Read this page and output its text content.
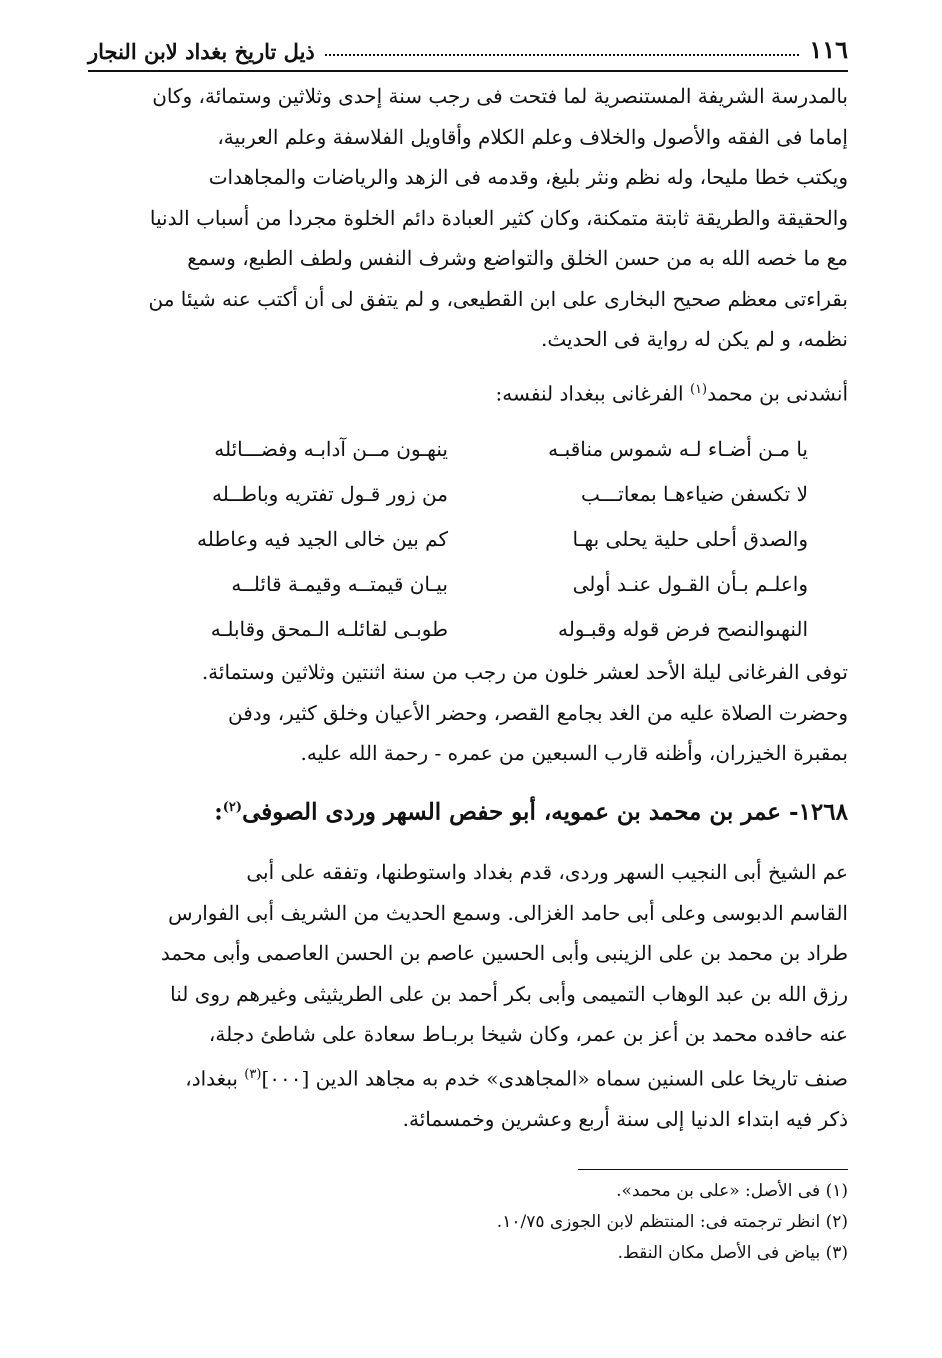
١١٦
ذيل تاريخ بغداد لابن النجار

بالمدرسة الشريفة المستنصرية لما فتحت فى رجب سنة إحدى وثلاثين وستمائة، وكان

إماما فى الفقه والأصول والخلاف وعلم الكلام وأقاويل الفلاسفة وعلم العربية،

ويكتب خطا مليحا، وله نظم ونثر بليغ، وقدمه فى الزهد والرياضات والمجاهدات

والحقيقة والطريقة ثابتة متمكنة، وكان كثير العبادة دائم الخلوة مجردا من أسباب الدنيا

مع ما خصه الله به من حسن الخلق والتواضع وشرف النفس ولطف الطبع، وسمع

بقراءتى معظم صحيح البخارى على ابن القطيعى، و لم يتفق لى أن أكتب عنه شيئا من

نظمه، و لم يكن له رواية فى الحديث.

أنشدنى بن محمد$^{(١)}$ الفرغانى ببغداد لنفسه:
يا مـن أضـاء لـه شموس مناقبـه
ينهـون مــن آدابـه وفضـــائله
لا تكسفن ضياءهـا بمعاتـــب
من زور قـول تفتريه وباطــله
والصدق أحلى حلية يحلى بهـا
كم بين خالى الجيد فيه وعاطله
واعلـم بـأن القـول عنـد أولى
بيـان قيمتــه وقيمـة قائلــه
النهىوالنصح فرض قوله وقبـوله
طوبـى لقائلـه الـمحق وقابلـه

توفى الفرغانى ليلة الأحد لعشر خلون من رجب من سنة اثنتين وثلاثين وستمائة.

وحضرت الصلاة عليه من الغد بجامع القصر، وحضر الأعيان وخلق كثير، ودفن

بمقبرة الخيزران، وأظنه قارب السبعين من عمره - رحمة الله عليه.

١٢٦٨- عمر بن محمد بن عمويه، أبو حفص السهر وردى الصوفى$^{(٢)}$:

عم الشيخ أبى النجيب السهر وردى، قدم بغداد واستوطنها، وتفقه على أبى

القاسم الدبوسى وعلى أبى حامد الغزالى. وسمع الحديث من الشريف أبى الفوارس

طراد بن محمد بن على الزينبى وأبى الحسين عاصم بن الحسن العاصمى وأبى محمد

رزق الله بن عبد الوهاب التميمى وأبى بكر أحمد بن على الطريثيثى وغيرهم روى لنا

عنه حافده محمد بن أعز بن عمر، وكان شيخا بربـاط سعادة على شاطئ دجلة،

صنف تاريخا على السنين سماه «المجاهدى» خدم به مجاهد الدين [٠٠٠]$^{(٣)}$ ببغداد،

ذكر فيه ابتداء الدنيا إلى سنة أربع وعشرين وخمسمائة.

(١) فى الأصل: «على بن محمد».
(٢) انظر ترجمته فى: المنتظم لابن الجوزى ١٠/٧٥.
(٣) بياض فى الأصل مكان النقط.
